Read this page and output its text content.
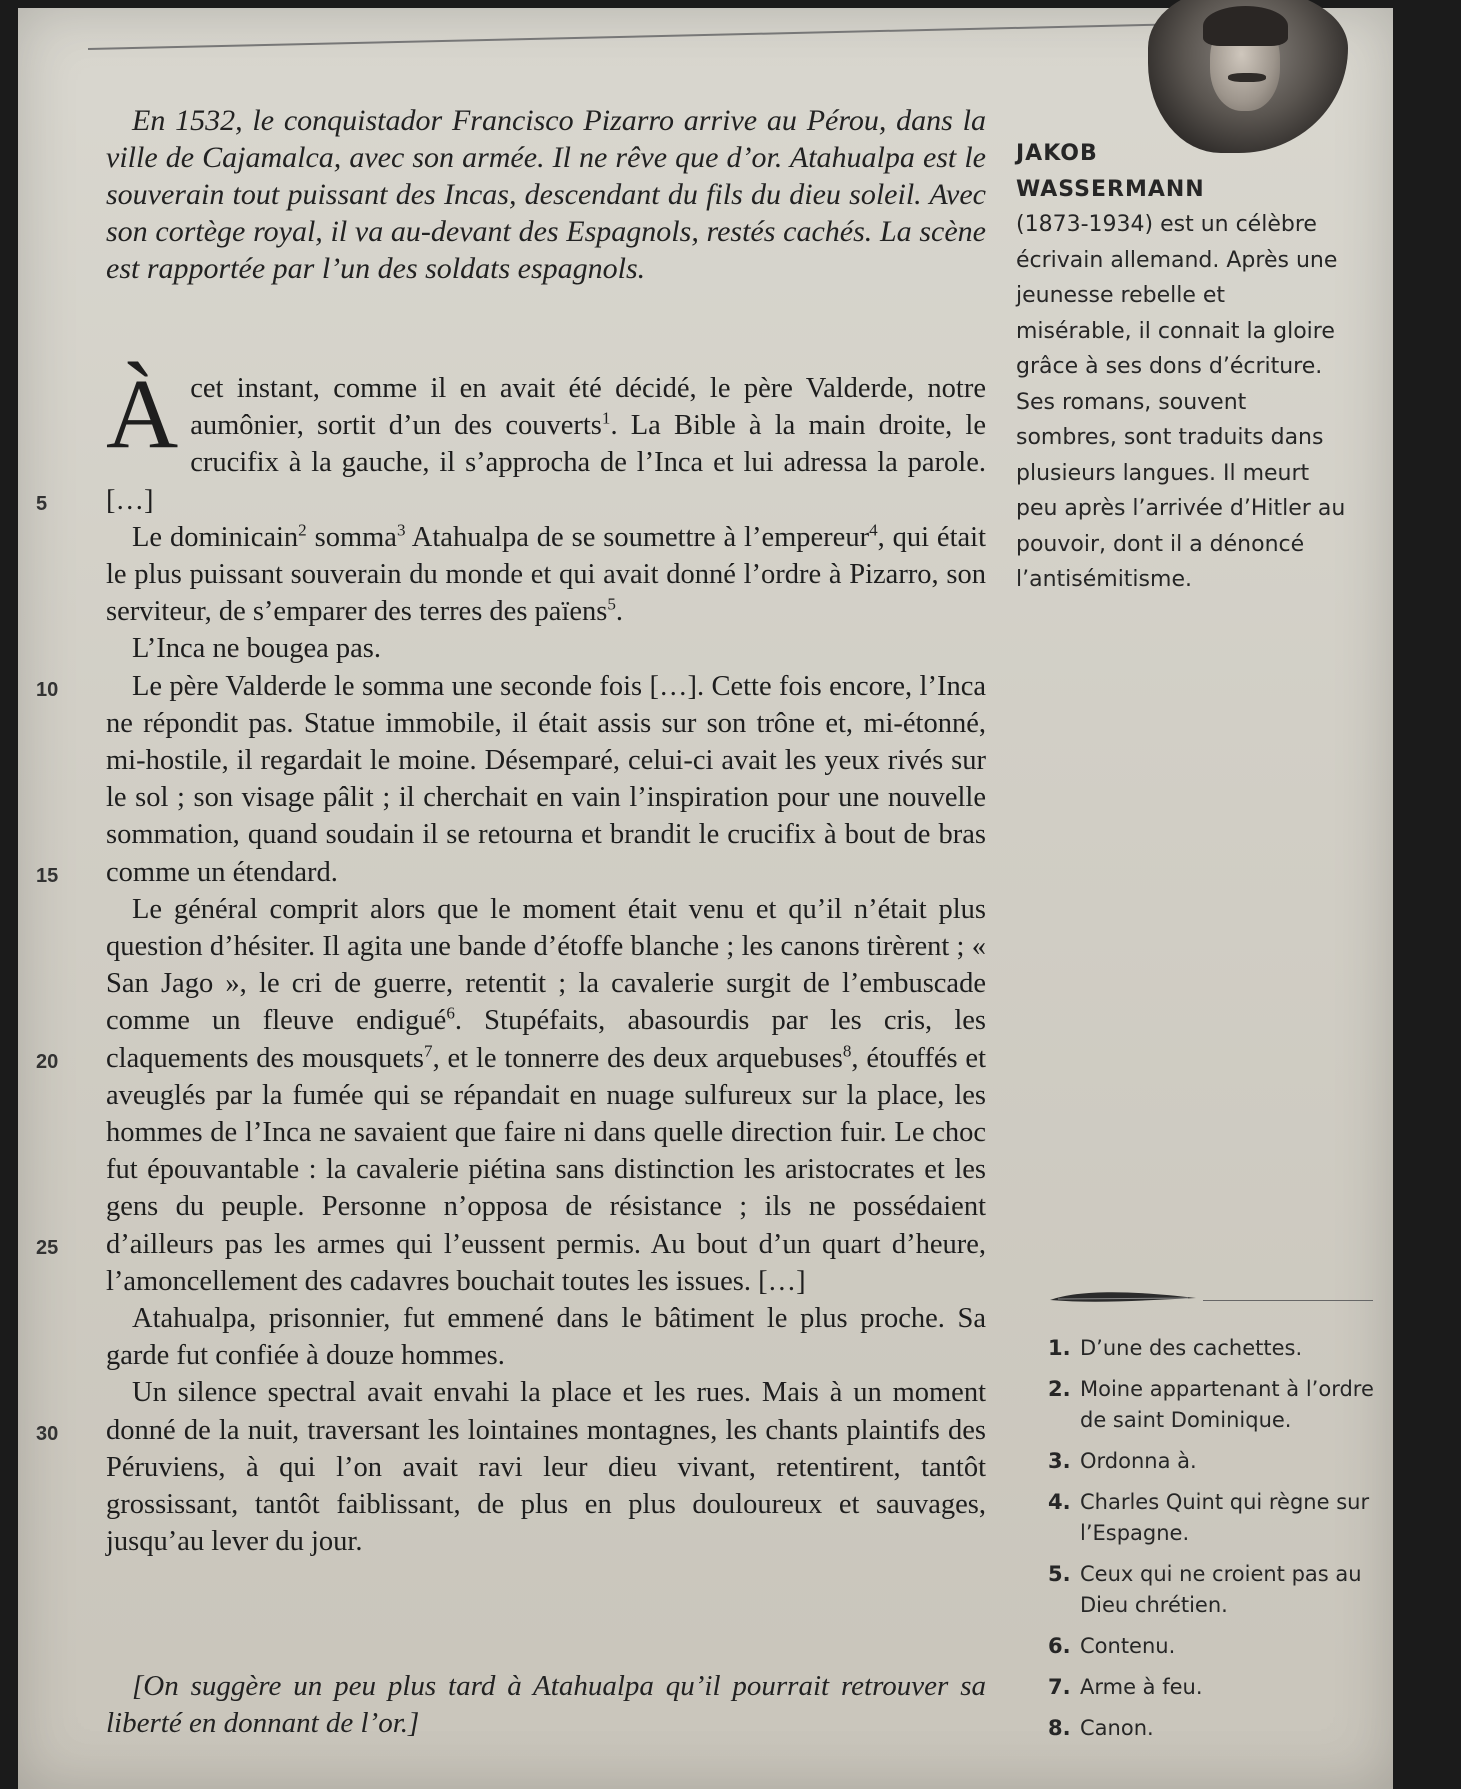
En 1532, le conquistador Francisco Pizarro arrive au Pérou, dans la ville de Cajamalca, avec son armée. Il ne rêve que d’or. Atahualpa est le souverain tout puissant des Incas, descendant du fils du dieu soleil. Avec son cortège royal, il va au-devant des Espagnols, restés cachés. La scène est rapportée par l’un des soldats espagnols.

JAKOB
WASSERMANN
(1873-1934) est un célèbre écrivain allemand. Après une jeunesse rebelle et misérable, il connait la gloire grâce à ses dons d’écriture. Ses romans, souvent sombres, sont traduits dans plusieurs langues. Il meurt peu après l’arrivée d’Hitler au pouvoir, dont il a dénoncé l’antisémitisme.
5
10
15
20
25
30

À cet instant, comme il en avait été décidé, le père Valderde, notre aumônier, sortit d’un des couverts$^1$. La Bible à la main droite, le crucifix à la gauche, il s’approcha de l’Inca et lui adressa la parole. […]

Le dominicain$^2$ somma$^3$ Atahualpa de se soumettre à l’empereur$^4$, qui était le plus puissant souverain du monde et qui avait donné l’ordre à Pizarro, son serviteur, de s’emparer des terres des païens$^5$.

L’Inca ne bougea pas.

Le père Valderde le somma une seconde fois […]. Cette fois encore, l’Inca ne répondit pas. Statue immobile, il était assis sur son trône et, mi-étonné, mi-hostile, il regardait le moine. Désemparé, celui-ci avait les yeux rivés sur le sol ; son visage pâlit ; il cherchait en vain l’inspiration pour une nouvelle sommation, quand soudain il se retourna et brandit le crucifix à bout de bras comme un étendard.

Le général comprit alors que le moment était venu et qu’il n’était plus question d’hésiter. Il agita une bande d’étoffe blanche ; les canons tirèrent ; « San Jago », le cri de guerre, retentit ; la cavalerie surgit de l’embuscade comme un fleuve endigué$^6$. Stupéfaits, abasourdis par les cris, les claquements des mousquets$^7$, et le tonnerre des deux arquebuses$^8$, étouffés et aveuglés par la fumée qui se répandait en nuage sulfureux sur la place, les hommes de l’Inca ne savaient que faire ni dans quelle direction fuir. Le choc fut épouvantable : la cavalerie piétina sans distinction les aristocrates et les gens du peuple. Personne n’opposa de résistance ; ils ne possédaient d’ailleurs pas les armes qui l’eussent permis. Au bout d’un quart d’heure, l’amoncellement des cadavres bouchait toutes les issues. […]

Atahualpa, prisonnier, fut emmené dans le bâtiment le plus proche. Sa garde fut confiée à douze hommes.

Un silence spectral avait envahi la place et les rues. Mais à un moment donné de la nuit, traversant les lointaines montagnes, les chants plaintifs des Péruviens, à qui l’on avait ravi leur dieu vivant, retentirent, tantôt grossissant, tantôt faiblissant, de plus en plus douloureux et sauvages, jusqu’au lever du jour.

[On suggère un peu plus tard à Atahualpa qu’il pourrait retrouver sa liberté en donnant de l’or.]

1. D’une des cachettes.
2. Moine appartenant à l’ordre de saint Dominique.
3. Ordonna à.
4. Charles Quint qui règne sur l’Espagne.
5. Ceux qui ne croient pas au Dieu chrétien.
6. Contenu.
7. Arme à feu.
8. Canon.
